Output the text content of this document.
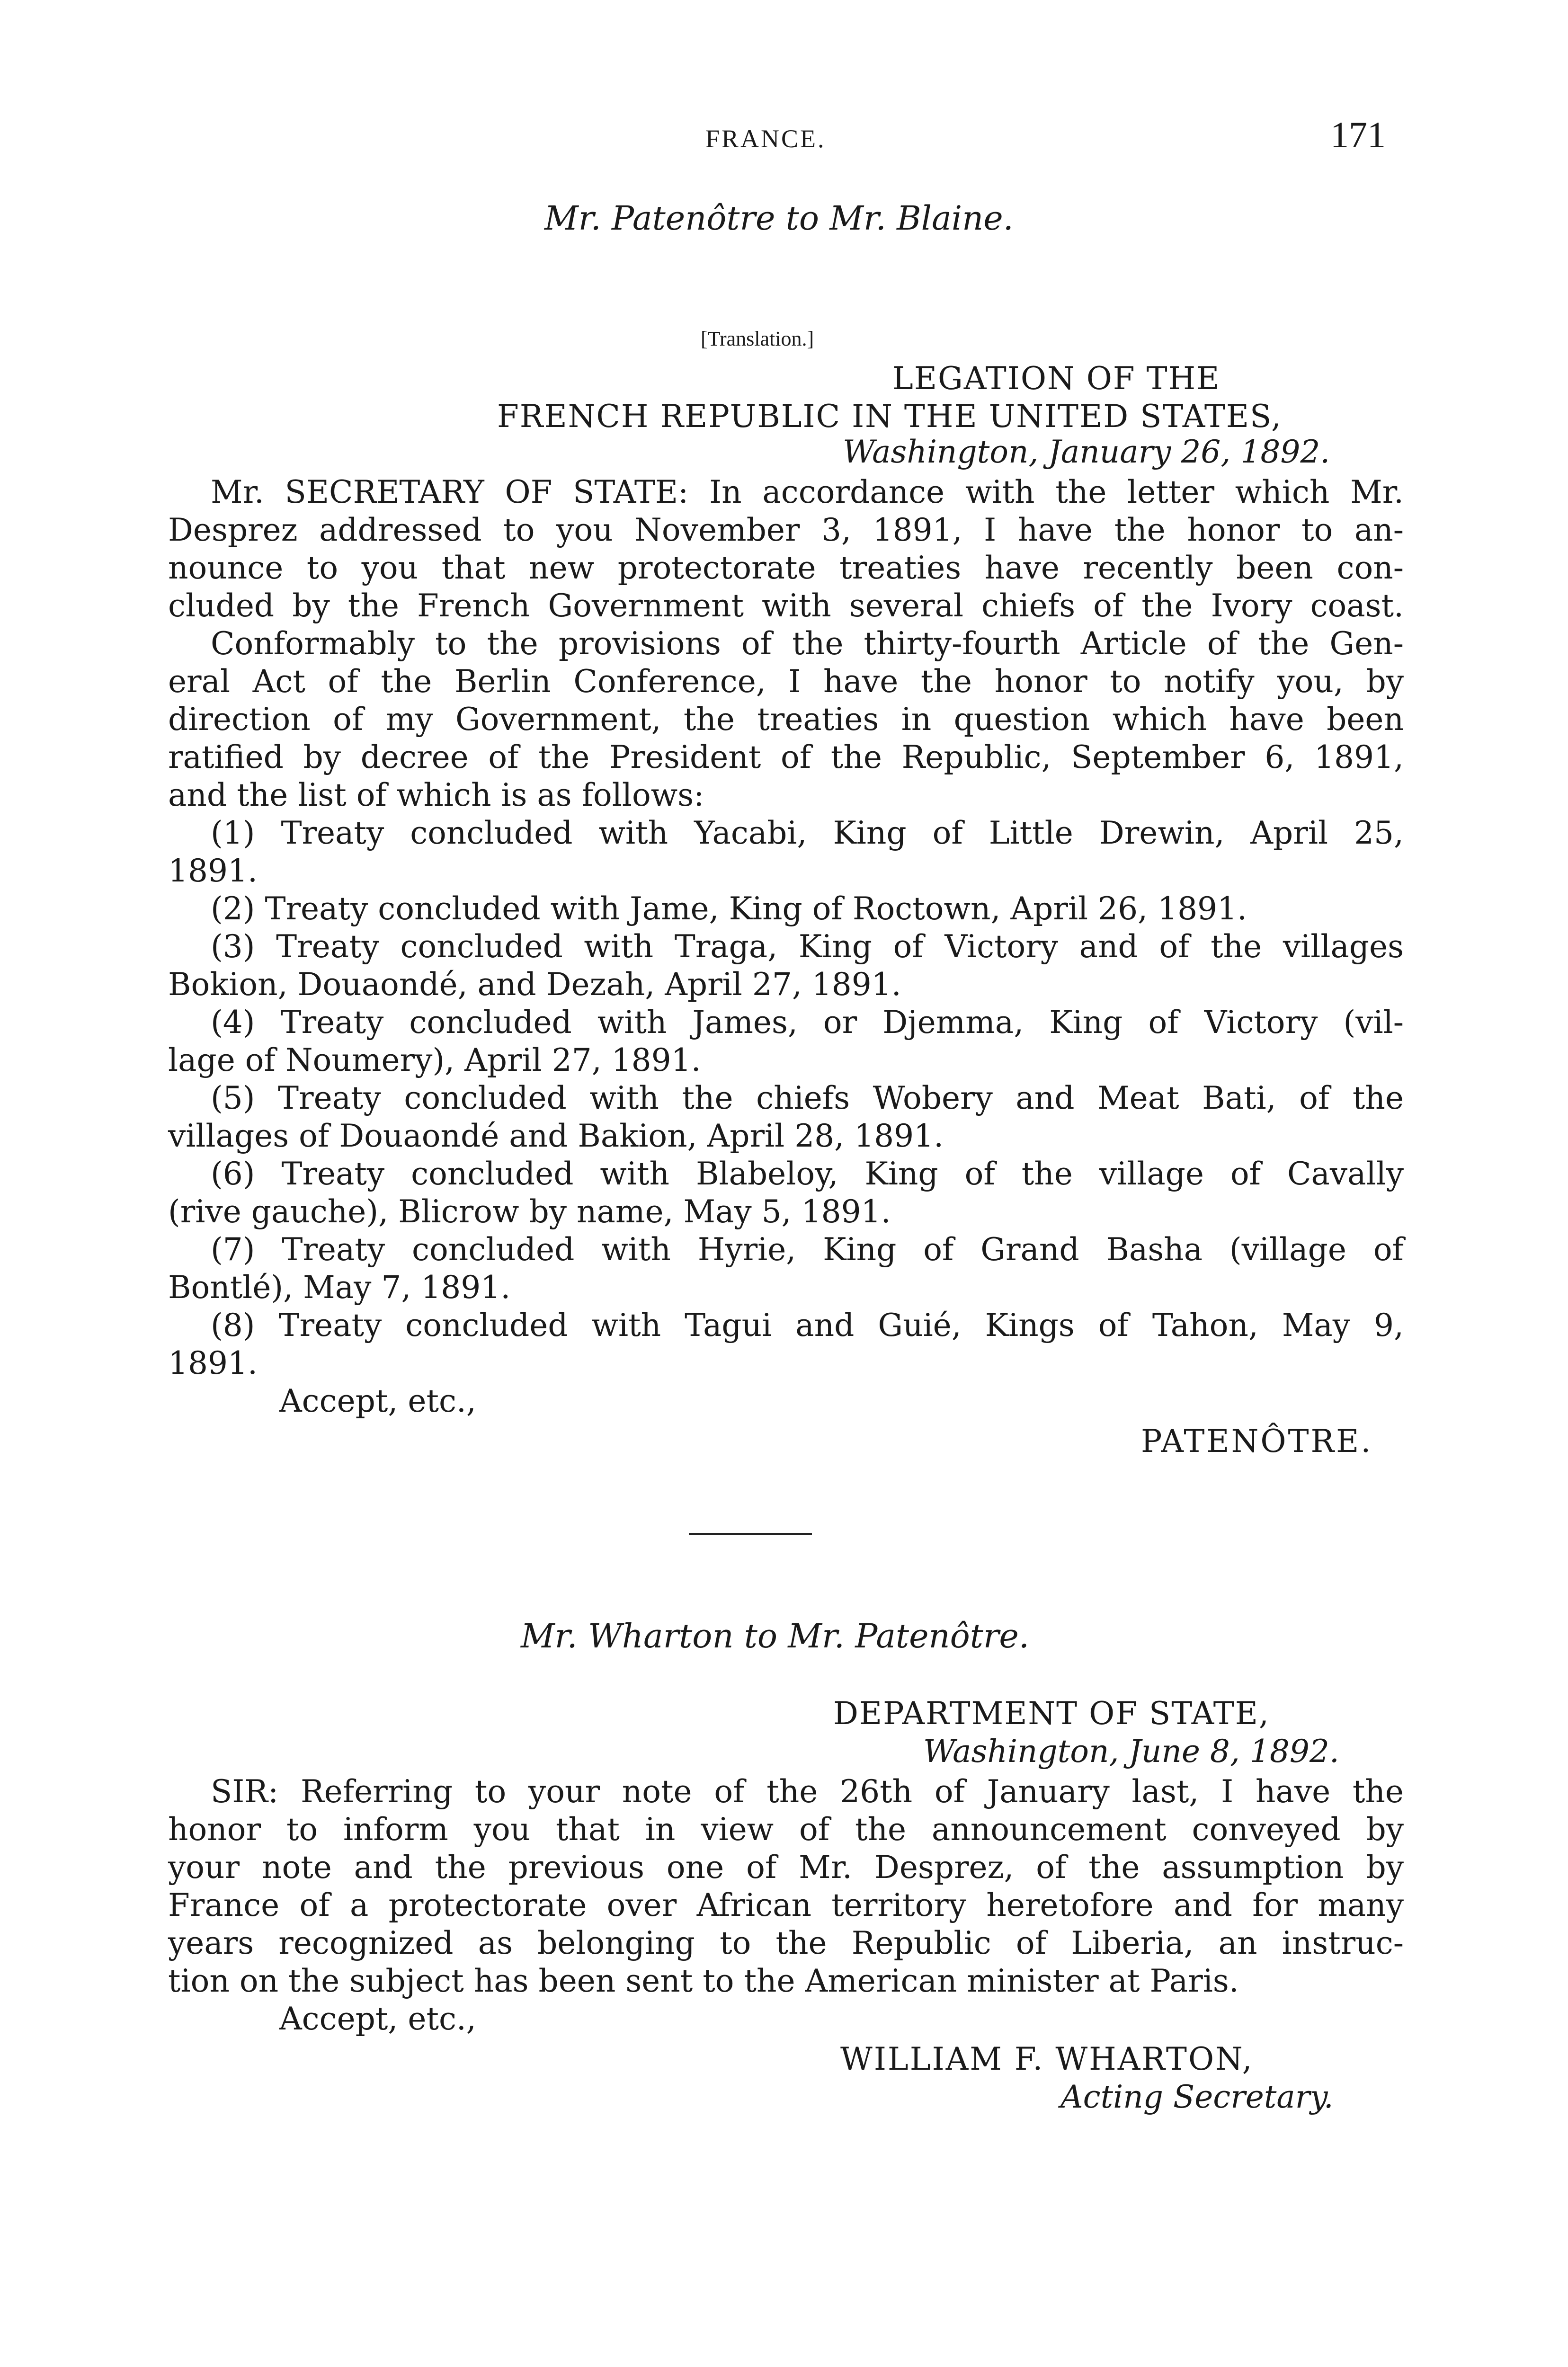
FRANCE.	171
Mr. Patenôtre to Mr. Blaine.
[Translation.]
LEGATION OF THE
FRENCH REPUBLIC IN THE UNITED STATES,
Washington, January 26, 1892.
Mr. SECRETARY OF STATE: In accordance with the letter which Mr.
Desprez addressed to you November 3, 1891, I have the honor to an-
nounce to you that new protectorate treaties have recently been con-
cluded by the French Government with several chiefs of the Ivory coast.
Conformably to the provisions of the thirty-fourth Article of the Gen-
eral Act of the Berlin Conference, I have the honor to notify you, by
direction of my Government, the treaties in question which have been
ratified by decree of the President of the Republic, September 6, 1891,
and the list of which is as follows:
(1) Treaty concluded with Yacabi, King of Little Drewin, April 25,
1891.
(2) Treaty concluded with Jame, King of Roctown, April 26, 1891.
(3) Treaty concluded with Traga, King of Victory and of the villages
Bokion, Douaondé, and Dezah, April 27, 1891.
(4) Treaty concluded with James, or Djemma, King of Victory (vil-
lage of Noumery), April 27, 1891.
(5) Treaty concluded with the chiefs Wobery and Meat Bati, of the
villages of Douaondé and Bakion, April 28, 1891.
(6) Treaty concluded with Blabeloy, King of the village of Cavally
(rive gauche), Blicrow by name, May 5, 1891.
(7) Treaty concluded with Hyrie, King of Grand Basha (village of
Bontlé), May 7, 1891.
(8) Treaty concluded with Tagui and Guié, Kings of Tahon, May 9,
1891.
Accept, etc.,
PATENÔTRE.
Mr. Wharton to Mr. Patenôtre.
DEPARTMENT OF STATE,
Washington, June 8, 1892.
SIR: Referring to your note of the 26th of January last, I have the
honor to inform you that in view of the announcement conveyed by
your note and the previous one of Mr. Desprez, of the assumption by
France of a protectorate over African territory heretofore and for many
years recognized as belonging to the Republic of Liberia, an instruc-
tion on the subject has been sent to the American minister at Paris.
Accept, etc.,
WILLIAM F. WHARTON,
Acting Secretary.
